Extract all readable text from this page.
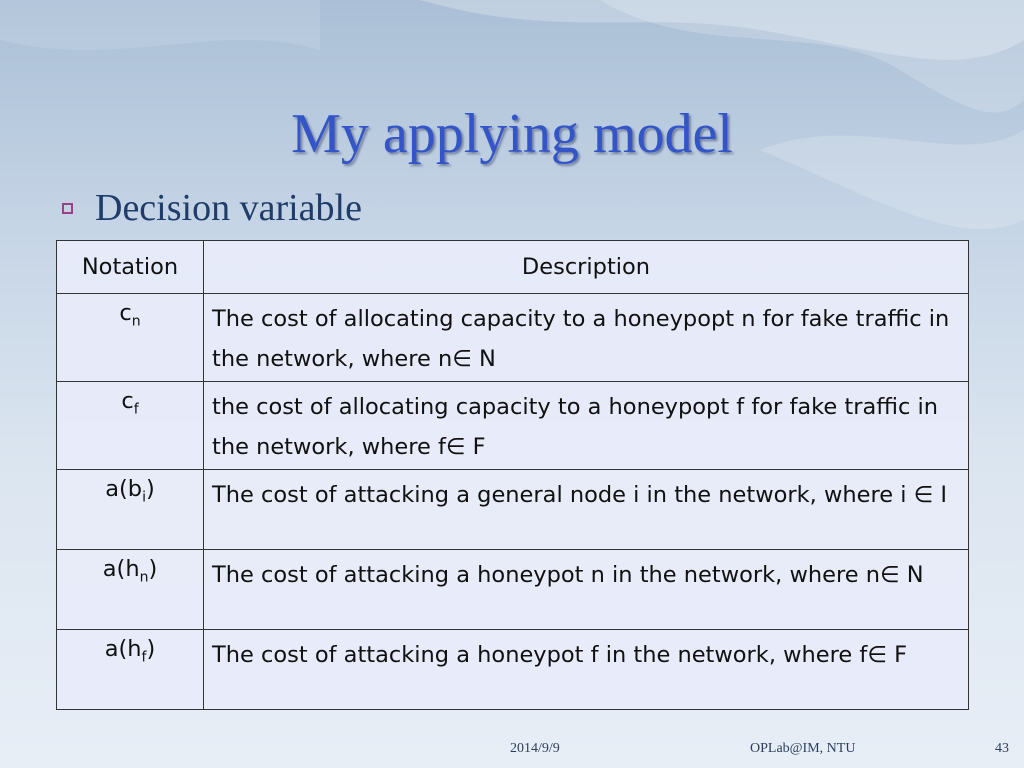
My applying model
Decision variable
Notation	Description
$c_n$	The cost of allocating capacity to a honeypopt n for fake traffic in the network, where n∈ N
$c_f$	the cost of allocating capacity to a honeypopt f for fake traffic in the network, where f∈ F
$a(b_i)$	The cost of attacking a general node i in the network, where i ∈ I
$a(h_n)$	The cost of attacking a honeypot n in the network, where n∈ N
$a(h_f)$	The cost of attacking a honeypot f in the network, where f∈ F
2014/9/9	OPLab@IM, NTU	43
